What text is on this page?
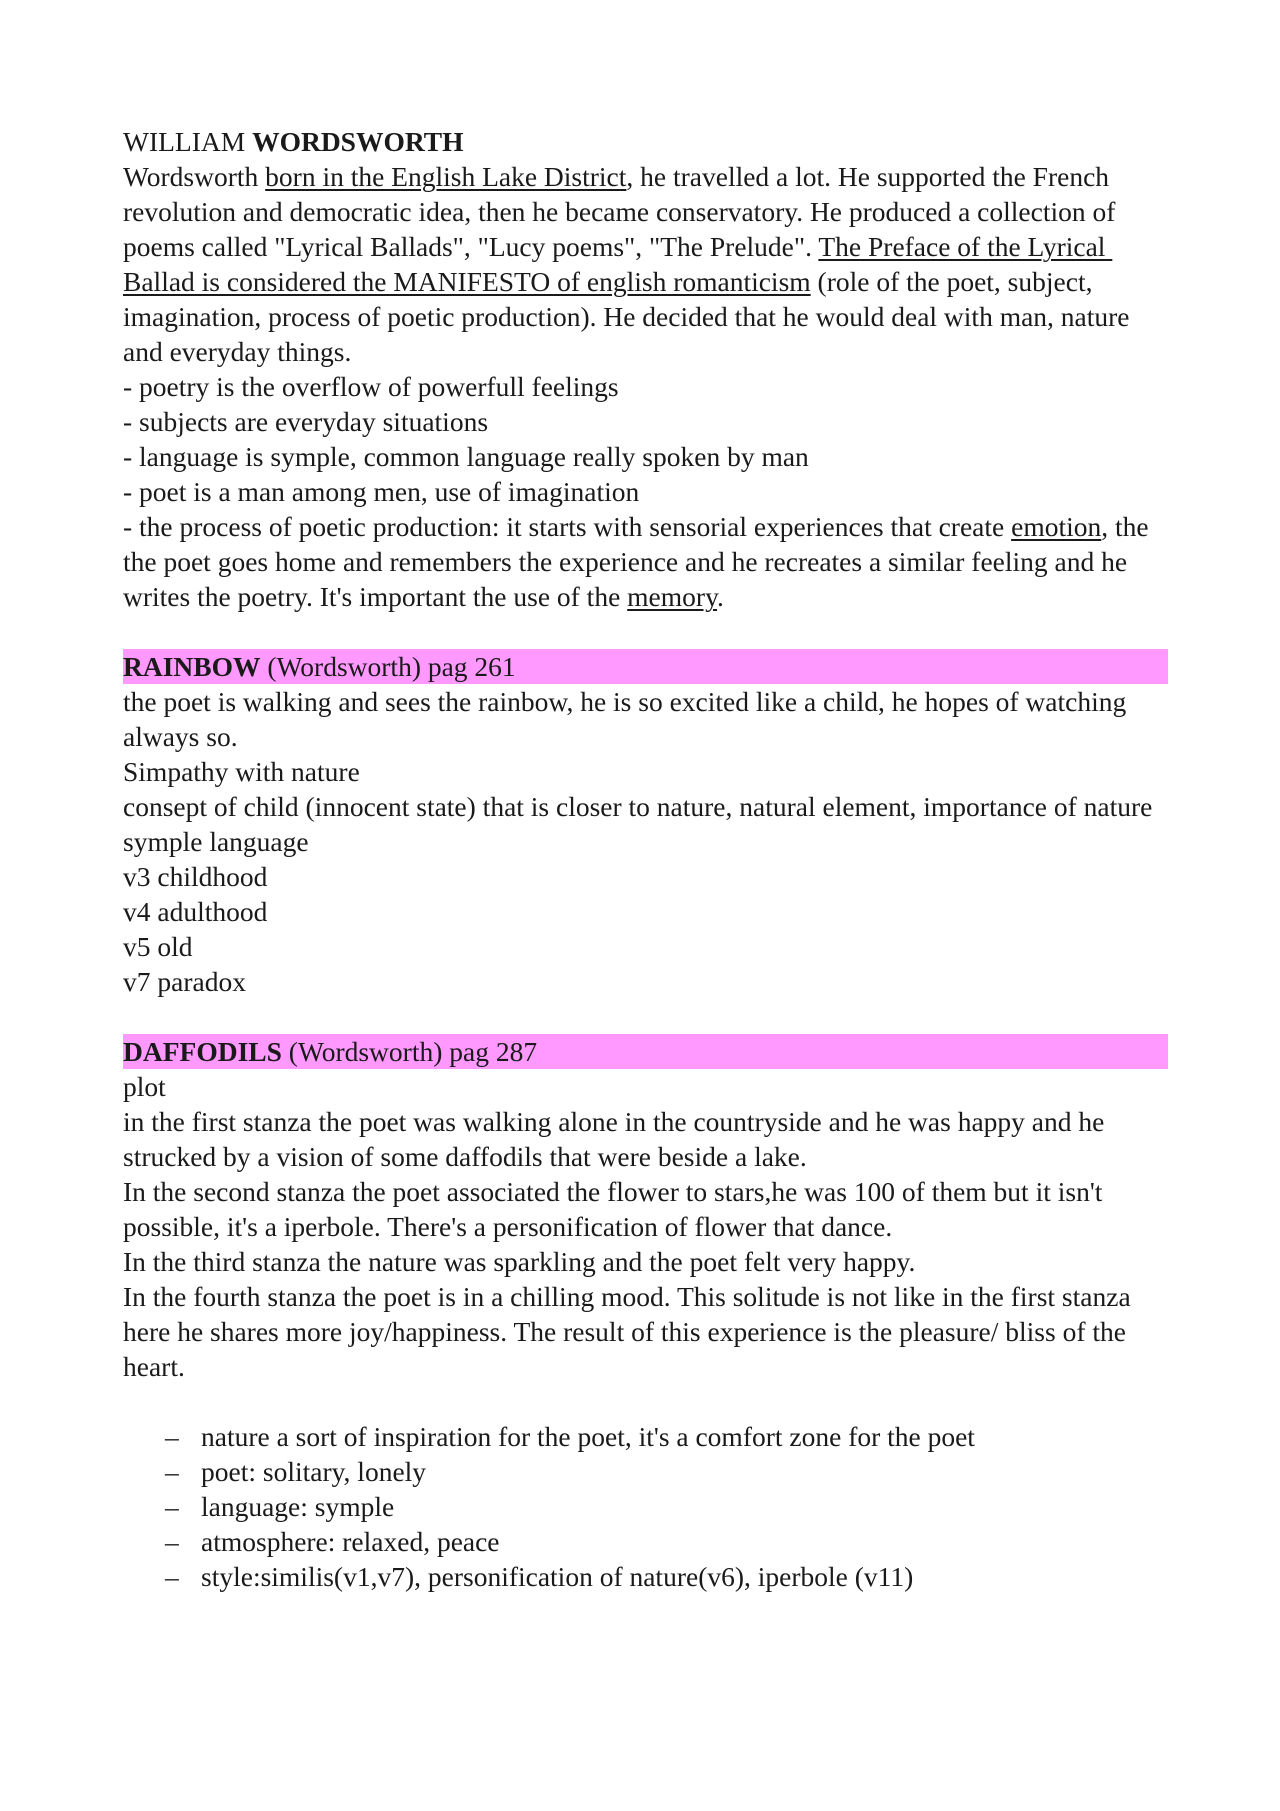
WILLIAM WORDSWORTH
Wordsworth born in the English Lake District, he travelled a lot. He supported the French revolution and democratic idea, then he became conservatory. He produced a collection of poems called "Lyrical Ballads", "Lucy poems", "The Prelude". The Preface of the Lyrical Ballad is considered the MANIFESTO of english romanticism (role of the poet, subject, imagination, process of poetic production). He decided that he would deal with man, nature and everyday things.
- poetry is the overflow of powerfull feelings
- subjects are everyday situations
- language is symple, common language really spoken by man
- poet is a man among men, use of imagination
- the process of poetic production: it starts with sensorial experiences that create emotion, the the poet goes home and remembers the experience and he recreates a similar feeling and he writes the poetry. It's important the use of the memory.
RAINBOW (Wordsworth) pag 261
the poet is walking and sees the rainbow, he is so excited like a child, he hopes of watching always so.
Simpathy with nature
consept of child (innocent state) that is closer to nature, natural element, importance of nature
symple language
v3 childhood
v4 adulthood
v5 old
v7 paradox
DAFFODILS (Wordsworth) pag 287
plot
in the first stanza the poet was walking alone in the countryside and he was happy and he strucked by a vision of some daffodils that were beside a lake.
In the second stanza the poet associated the flower to stars,he was 100 of them but it isn't possible, it's a iperbole. There's a personification of flower that dance.
In the third stanza the nature was sparkling and the poet felt very happy.
In the fourth stanza the poet is in a chilling mood. This solitude is not like in the first stanza here he shares more joy/happiness. The result of this experience is the pleasure/ bliss of the heart.
– nature a sort of inspiration for the poet, it's a comfort zone for the poet
– poet: solitary, lonely
– language: symple
– atmosphere: relaxed, peace
– style:similis(v1,v7), personification of nature(v6), iperbole (v11)
